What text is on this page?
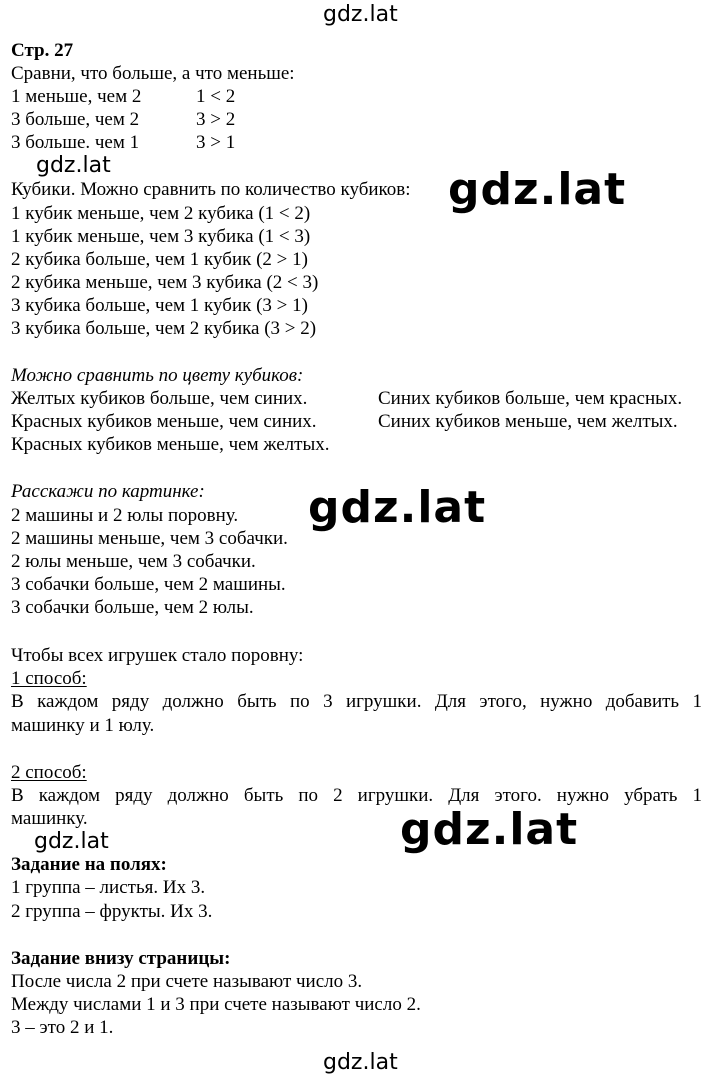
gdz.lat
gdz.lat	gdz.lat
gdz.lat
gdz.lat	gdz.lat
gdz.lat
Стр. 27
Сравни, что больше, а что меньше:
1 меньше, чем 2	1 < 2
3 больше, чем 2	3 > 2
3 больше. чем 1	3 > 1
Кубики. Можно сравнить по количество кубиков:
1 кубик меньше, чем 2 кубика (1 < 2)
1 кубик меньше, чем 3 кубика (1 < 3)
2 кубика больше, чем 1 кубик (2 > 1)
2 кубика меньше, чем 3 кубика (2 < 3)
3 кубика больше, чем 1 кубик (3 > 1)
3 кубика больше, чем 2 кубика (3 > 2)
Можно сравнить по цвету кубиков:
Желтых кубиков больше, чем синих.	Синих кубиков больше, чем красных.
Красных кубиков меньше, чем синих.	Синих кубиков меньше, чем желтых.
Красных кубиков меньше, чем желтых.
Расскажи по картинке:
2 машины и 2 юлы поровну.
2 машины меньше, чем 3 собачки.
2 юлы меньше, чем 3 собачки.
3 собачки больше, чем 2 машины.
3 собачки больше, чем 2 юлы.
Чтобы всех игрушек стало поровну:
1 способ:
В каждом ряду должно быть по 3 игрушки. Для этого, нужно добавить 1
машинку и 1 юлу.
2 способ:
В каждом ряду должно быть по 2 игрушки. Для этого. нужно убрать 1
машинку.
Задание на полях:
1 группа – листья. Их 3.
2 группа – фрукты. Их 3.
Задание внизу страницы:
После числа 2 при счете называют число 3.
Между числами 1 и 3 при счете называют число 2.
3 – это 2 и 1.
